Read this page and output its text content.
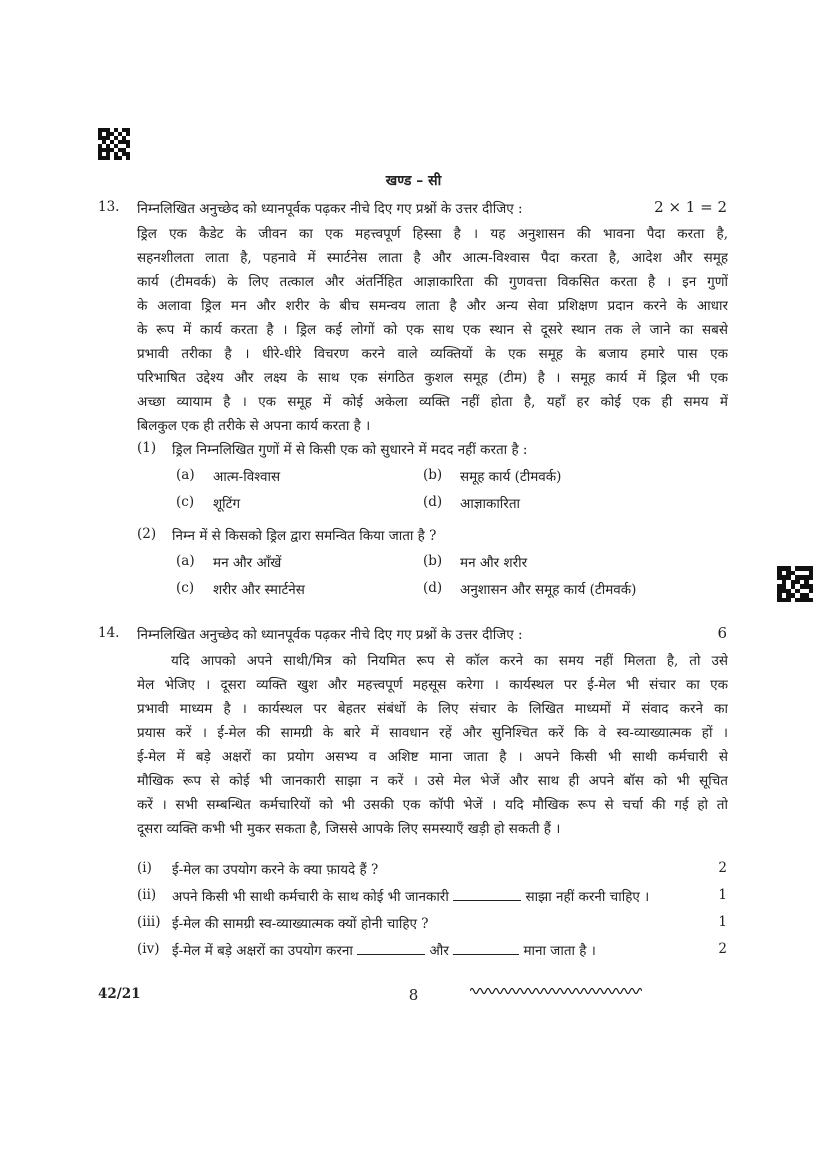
खण्ड – सी
13. निम्नलिखित अनुच्छेद को ध्यानपूर्वक पढ़कर नीचे दिए गए प्रश्नों के उत्तर दीजिए :	2 × 1 = 2
ड्रिल एक कैडेट के जीवन का एक महत्त्वपूर्ण हिस्सा है । यह अनुशासन की भावना पैदा करता है,
सहनशीलता लाता है, पहनावे में स्मार्टनेस लाता है और आत्म-विश्वास पैदा करता है, आदेश और समूह
कार्य (टीमवर्क) के लिए तत्काल और अंतर्निहित आज्ञाकारिता की गुणवत्ता विकसित करता है । इन गुणों
के अलावा ड्रिल मन और शरीर के बीच समन्वय लाता है और अन्य सेवा प्रशिक्षण प्रदान करने के आधार
के रूप में कार्य करता है । ड्रिल कई लोगों को एक साथ एक स्थान से दूसरे स्थान तक ले जाने का सबसे
प्रभावी तरीका है । धीरे-धीरे विचरण करने वाले व्यक्तियों के एक समूह के बजाय हमारे पास एक
परिभाषित उद्देश्य और लक्ष्य के साथ एक संगठित कुशल समूह (टीम) है । समूह कार्य में ड्रिल भी एक
अच्छा व्यायाम है । एक समूह में कोई अकेला व्यक्ति नहीं होता है, यहाँ हर कोई एक ही समय में
बिलकुल एक ही तरीके से अपना कार्य करता है ।
(1) ड्रिल निम्नलिखित गुणों में से किसी एक को सुधारने में मदद नहीं करता है :
(a) आत्म-विश्वास	(b) समूह कार्य (टीमवर्क)
(c) शूटिंग	(d) आज्ञाकारिता
(2) निम्न में से किसको ड्रिल द्वारा समन्वित किया जाता है ?
(a) मन और आँखें	(b) मन और शरीर
(c) शरीर और स्मार्टनेस	(d) अनुशासन और समूह कार्य (टीमवर्क)
14. निम्नलिखित अनुच्छेद को ध्यानपूर्वक पढ़कर नीचे दिए गए प्रश्नों के उत्तर दीजिए :	6
यदि आपको अपने साथी/मित्र को नियमित रूप से कॉल करने का समय नहीं मिलता है, तो उसे
मेल भेजिए । दूसरा व्यक्ति खुश और महत्त्वपूर्ण महसूस करेगा । कार्यस्थल पर ई-मेल भी संचार का एक
प्रभावी माध्यम है । कार्यस्थल पर बेहतर संबंधों के लिए संचार के लिखित माध्यमों में संवाद करने का
प्रयास करें । ई-मेल की सामग्री के बारे में सावधान रहें और सुनिश्चित करें कि वे स्व-व्याख्यात्मक हों ।
ई-मेल में बड़े अक्षरों का प्रयोग असभ्य व अशिष्ट माना जाता है । अपने किसी भी साथी कर्मचारी से
मौखिक रूप से कोई भी जानकारी साझा न करें । उसे मेल भेजें और साथ ही अपने बॉस को भी सूचित
करें । सभी सम्बन्धित कर्मचारियों को भी उसकी एक कॉपी भेजें । यदि मौखिक रूप से चर्चा की गई हो तो
दूसरा व्यक्ति कभी भी मुकर सकता है, जिससे आपके लिए समस्याएँ खड़ी हो सकती हैं ।
(i) ई-मेल का उपयोग करने के क्या फ़ायदे हैं ?	2
(ii) अपने किसी भी साथी कर्मचारी के साथ कोई भी जानकारी	साझा नहीं करनी चाहिए ।	1
(iii) ई-मेल की सामग्री स्व-व्याख्यात्मक क्यों होनी चाहिए ?	1
(iv) ई-मेल में बड़े अक्षरों का उपयोग करना	और	माना जाता है ।	2
42/21	8
